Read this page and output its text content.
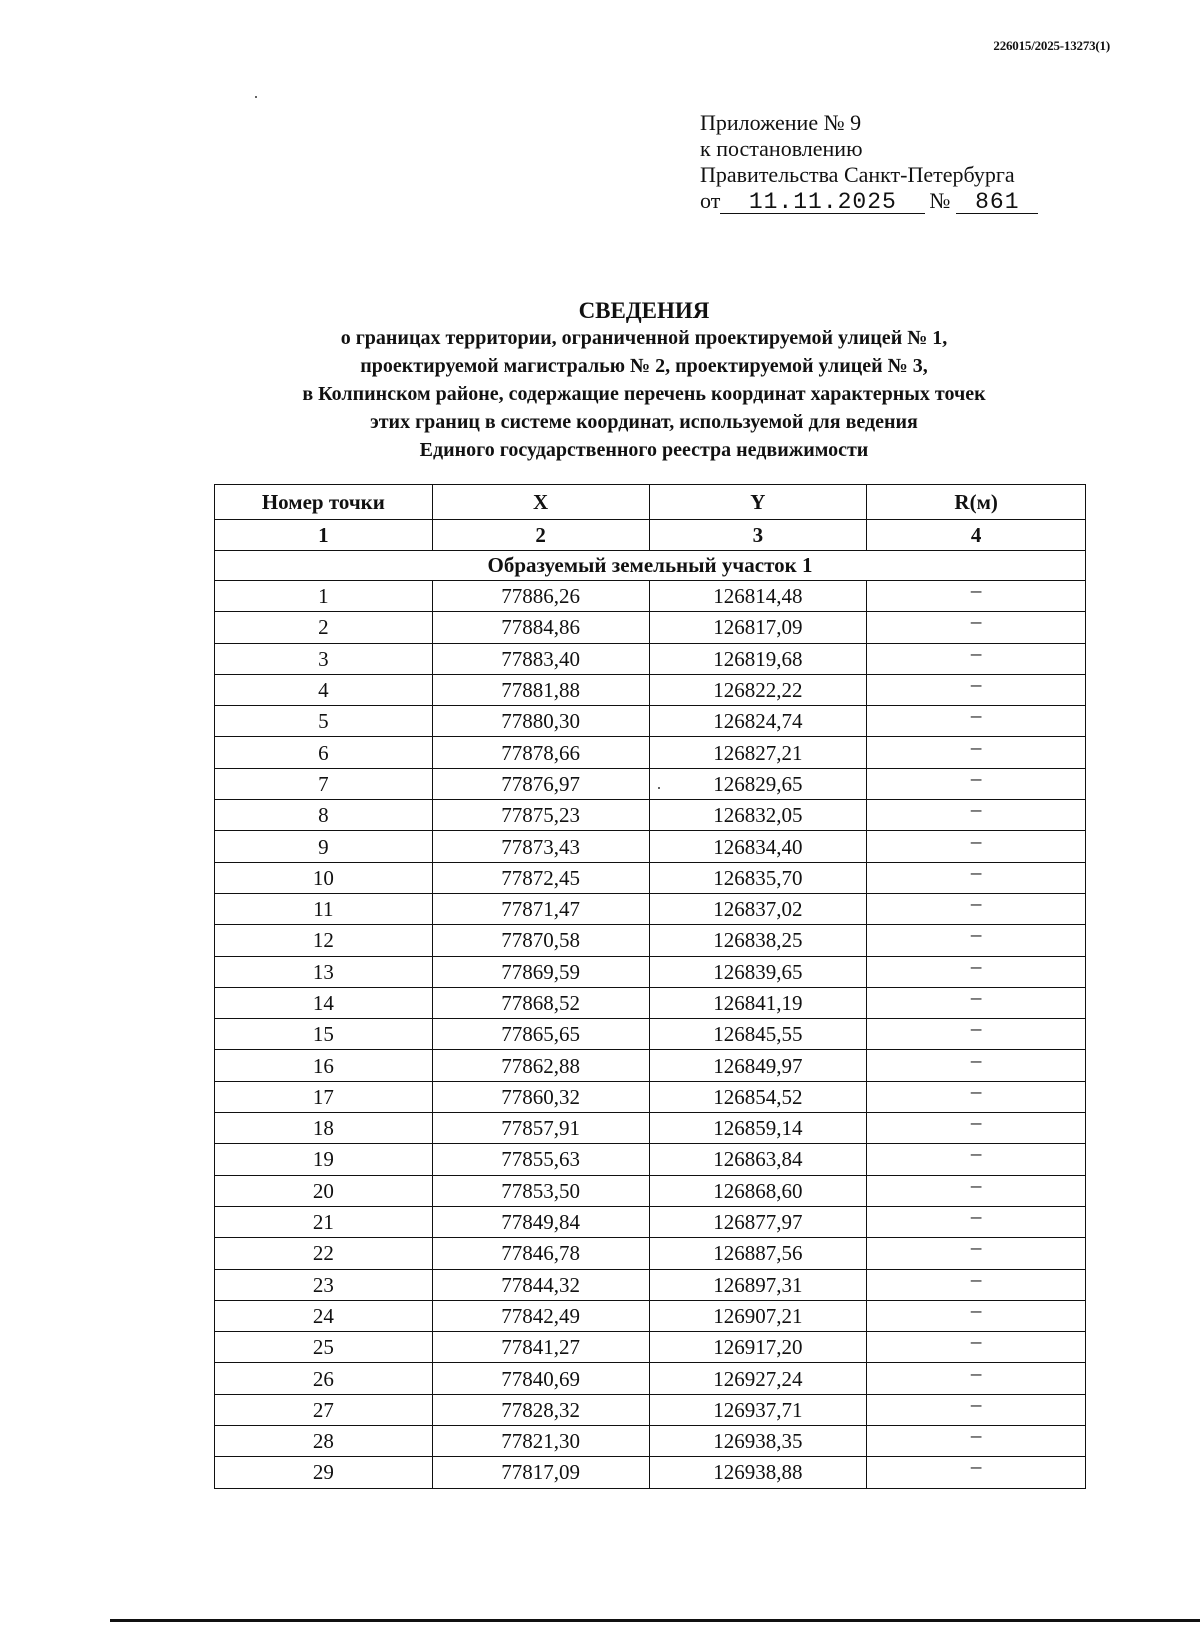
226015/2025-13273(1)
Приложение № 9
к постановлению
Правительства Санкт-Петербурга
от	11.11.2025	№	861
СВЕДЕНИЯ
о границах территории, ограниченной проектируемой улицей № 1,
проектируемой магистралью № 2, проектируемой улицей № 3,
в Колпинском районе, содержащие перечень координат характерных точек
этих границ в системе координат, используемой для ведения
Единого государственного реестра недвижимости
Номер точки	X	Y	R(м)
1	2	3	4
Образуемый земельный участок 1			
1	77886,26	126814,48	–
2	77884,86	126817,09	–
3	77883,40	126819,68	–
4	77881,88	126822,22	–
5	77880,30	126824,74	–
6	77878,66	126827,21	–
7	77876,97	126829,65	–
8	77875,23	126832,05	–
9	77873,43	126834,40	–
10	77872,45	126835,70	–
11	77871,47	126837,02	–
12	77870,58	126838,25	–
13	77869,59	126839,65	–
14	77868,52	126841,19	–
15	77865,65	126845,55	–
16	77862,88	126849,97	–
17	77860,32	126854,52	–
18	77857,91	126859,14	–
19	77855,63	126863,84	–
20	77853,50	126868,60	–
21	77849,84	126877,97	–
22	77846,78	126887,56	–
23	77844,32	126897,31	–
24	77842,49	126907,21	–
25	77841,27	126917,20	–
26	77840,69	126927,24	–
27	77828,32	126937,71	–
28	77821,30	126938,35	–
29	77817,09	126938,88	–
